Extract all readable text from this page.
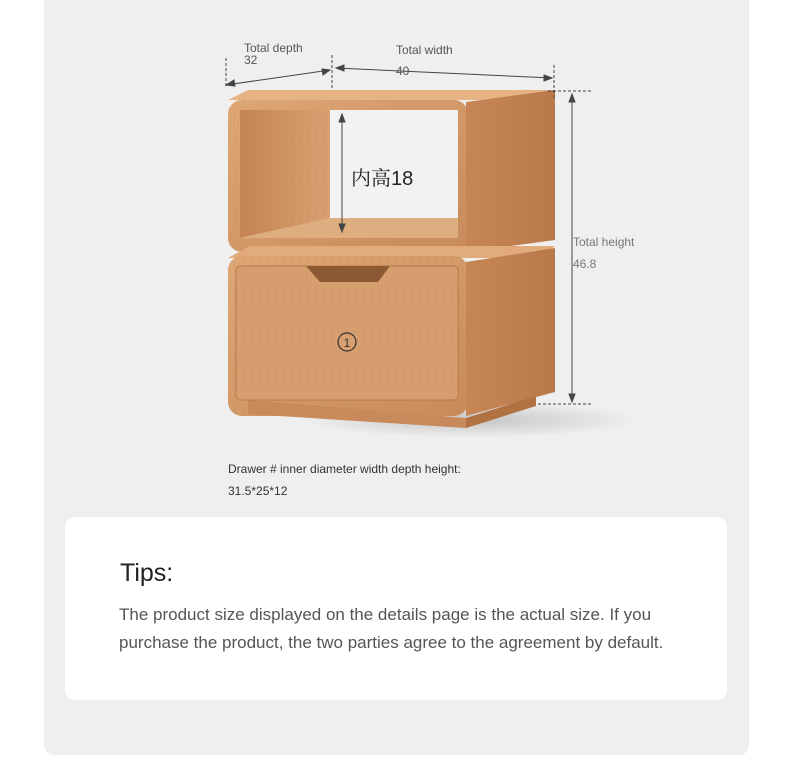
1
Total depth
32
Total width
40
Total height
46.8
内高18
Drawer # inner diameter width depth height:
31.5*25*12
Tips:
The product size displayed on the details page is the actual size. If you purchase the product, the two parties agree to the agreement by default.
